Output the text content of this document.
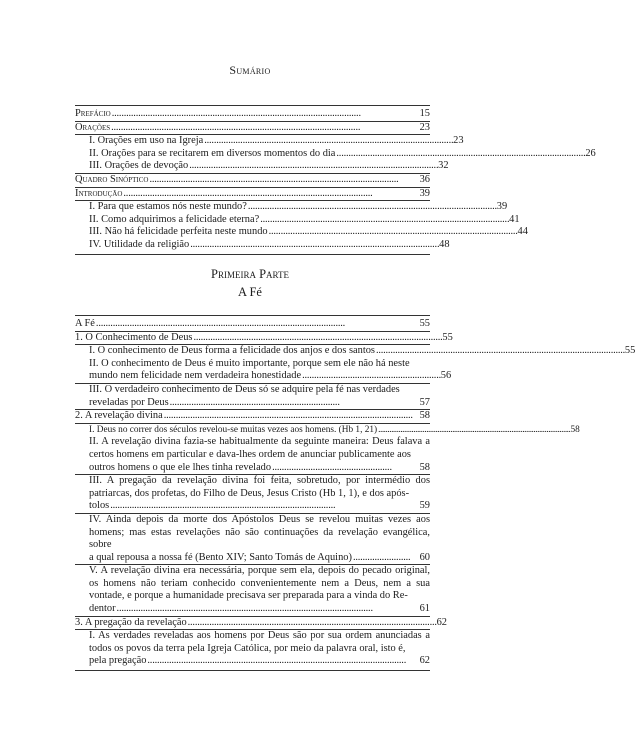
Sumário
Prefácio . . .	15
Orações . . .	23
I. Orações em uso na Igreja . . .	23
II. Orações para se recitarem em diversos momentos do dia . . .	26
III. Orações de devoção . . .	32
Quadro Sinóptico . . .	36
Introdução . . .	39
I. Para que estamos nós neste mundo? . . .	39
II. Como adquirimos a felicidade eterna? . . .	41
III. Não há felicidade perfeita neste mundo . . .	44
IV. Utilidade da religião . . .	48
Primeira Parte
A Fé
A Fé . . .	55
1. O Conhecimento de Deus . . .	55
I. O conhecimento de Deus forma a felicidade dos anjos e dos santos . . .	55
II. O conhecimento de Deus é muito importante, porque sem ele não há neste
mundo nem felicidade nem verdadeira honestidade . . . . . . . . . . . . . . . . . . . . . . . . . . . . . . . . . . . . . . . . . . . . . . . . . . . . . . . . . . 56
III. O verdadeiro conhecimento de Deus só se adquire pela fé nas verdades
reveladas por Deus . . . . . . . . . . . . . . . . . . . . . . . . . . . . . . . . . . . . . . . . . . . . . . . . . . . . . . . . . . . . . . . . . . . . . . .	57
2. A revelação divina . . .	58
I. Deus no correr dos séculos revelou-se muitas vezes aos homens. (Hb 1, 21) . . .	58
II. A revelação divina fazia-se habitualmente da seguinte maneira: Deus falava a certos homens em particular e dava-lhes ordem de anunciar publicamente aos
outros homens o que ele lhes tinha revelado . . . . . . . . . . . . . . . . . . . . . . . . . . . . . . . . . . . . . . . . . . . . . . . . . .	58
III. A pregação da revelação divina foi feita, sobretudo, por intermédio dos patriarcas, dos profetas, do Filho de Deus, Jesus Cristo (Hb 1, 1), e dos após-
tolos . . . . . . . . . . . . . . . . . . . . . . . . . . . . . . . . . . . . . . . . . . . . . . . . . . . . . . . . . . . . . . . . . . . . . . . . . . . . . . . . . . . . . . . . . . . . . .	59
IV. Ainda depois da morte dos Apóstolos Deus se revelou muitas vezes aos homens; mas estas revelações não são continuações da revelação evangélica, sobre
a qual repousa a nossa fé (Bento XIV; Santo Tomás de Aquino) . . . . . . . . . . . . . . . . . . . . . . . . 60
V. A revelação divina era necessária, porque sem ela, depois do pecado original, os homens não teriam conhecido convenientemente nem a Deus, nem a sua vontade, e porque a humanidade precisava ser preparada para a vinda do Re-
dentor . . . . . . . . . . . . . . . . . . . . . . . . . . . . . . . . . . . . . . . . . . . . . . . . . . . . . . . . . . . . . . . . . . . . . . . . . . . . . . . . . . . . . . . . . . . . . . . . . . . . . . . . . . .	61
3. A pregação da revelação . . .	62
I. As verdades reveladas aos homens por Deus são por sua ordem anunciadas a todos os povos da terra pela Igreja Católica, por meio da palavra oral, isto é,
pela pregação . . . . . . . . . . . . . . . . . . . . . . . . . . . . . . . . . . . . . . . . . . . . . . . . . . . . . . . . . . . . . . . . . . . . . . . . . . . . . . . . . . . . . . . . . . . . . . . . . . . . . . . . . . . .	62
